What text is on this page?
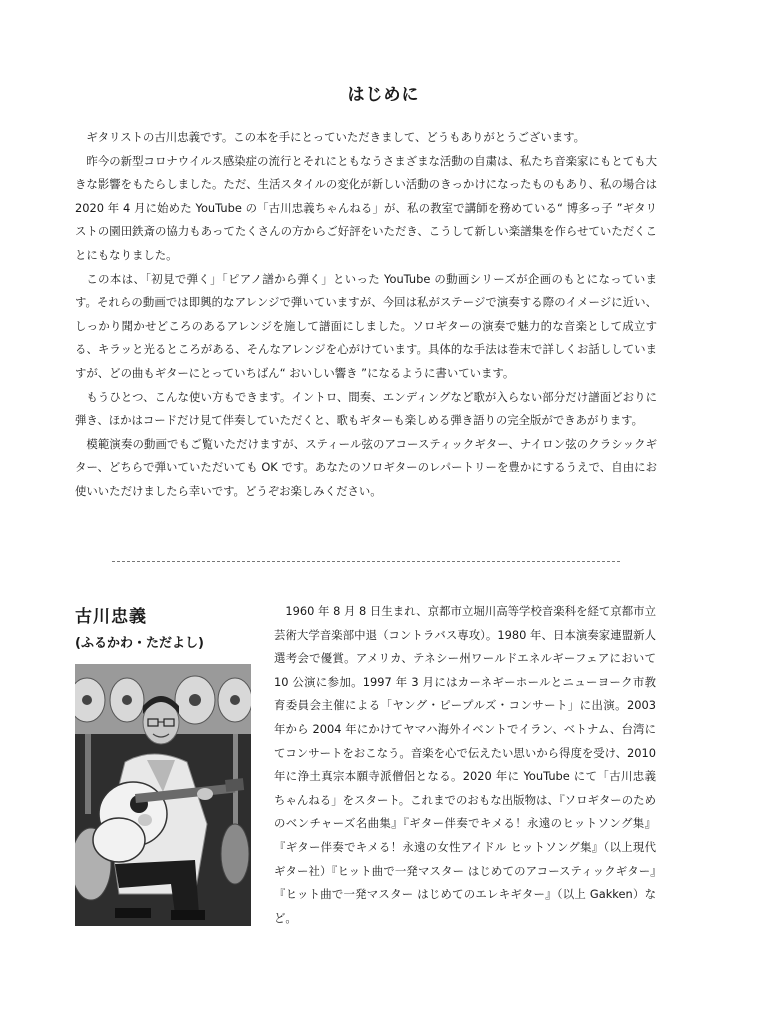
はじめに

ギタリストの古川忠義です。この本を手にとっていただきまして、どうもありがとうございます。

昨今の新型コロナウイルス感染症の流行とそれにともなうさまざまな活動の自粛は、私たち音楽家にもとても大きな影響をもたらしました。ただ、生活スタイルの変化が新しい活動のきっかけになったものもあり、私の場合は 2020 年 4 月に始めた YouTube の「古川忠義ちゃんねる」が、私の教室で講師を務めている“ 博多っ子 ”ギタリストの園田鉄斎の協力もあってたくさんの方からご好評をいただき、こうして新しい楽譜集を作らせていただくことにもなりました。

この本は、「初見で弾く」「ピアノ譜から弾く」といった YouTube の動画シリーズが企画のもとになっています。それらの動画では即興的なアレンジで弾いていますが、今回は私がステージで演奏する際のイメージに近い、しっかり聞かせどころのあるアレンジを施して譜面にしました。ソロギターの演奏で魅力的な音楽として成立する、キラッと光るところがある、そんなアレンジを心がけています。具体的な手法は巻末で詳しくお話ししていますが、どの曲もギターにとっていちばん“ おいしい響き ”になるように書いています。

もうひとつ、こんな使い方もできます。イントロ、間奏、エンディングなど歌が入らない部分だけ譜面どおりに弾き、ほかはコードだけ見て伴奏していただくと、歌もギターも楽しめる弾き語りの完全版ができあがります。

模範演奏の動画でもご覧いただけますが、スティール弦のアコースティックギター、ナイロン弦のクラシックギター、どちらで弾いていただいても OK です。あなたのソロギターのレパートリーを豊かにするうえで、自由にお使いいただけましたら幸いです。どうぞお楽しみください。

古川忠義
(ふるかわ・ただよし)

1960 年 8 月 8 日生まれ、京都市立堀川高等学校音楽科を経て京都市立芸術大学音楽部中退（コントラバス専攻）。1980 年、日本演奏家連盟新人選考会で優賞。アメリカ、テネシー州ワールドエネルギーフェアにおいて 10 公演に参加。1997 年 3 月にはカーネギーホールとニューヨーク市教育委員会主催による「ヤング・ピープルズ・コンサート」に出演。2003 年から 2004 年にかけてヤマハ海外イベントでイラン、ベトナム、台湾にてコンサートをおこなう。音楽を心で伝えたい思いから得度を受け、2010 年に浄土真宗本願寺派僧侶となる。2020 年に YouTube にて「古川忠義ちゃんねる」をスタート。これまでのおもな出版物は、『ソロギターのためのベンチャーズ名曲集』『ギター伴奏でキメる！永遠のヒットソング集』『ギター伴奏でキメる！永遠の女性アイドル ヒットソング集』（以上現代ギター社）『ヒット曲で一発マスター はじめてのアコースティックギター』『ヒット曲で一発マスター はじめてのエレキギター』（以上 Gakken）など。
